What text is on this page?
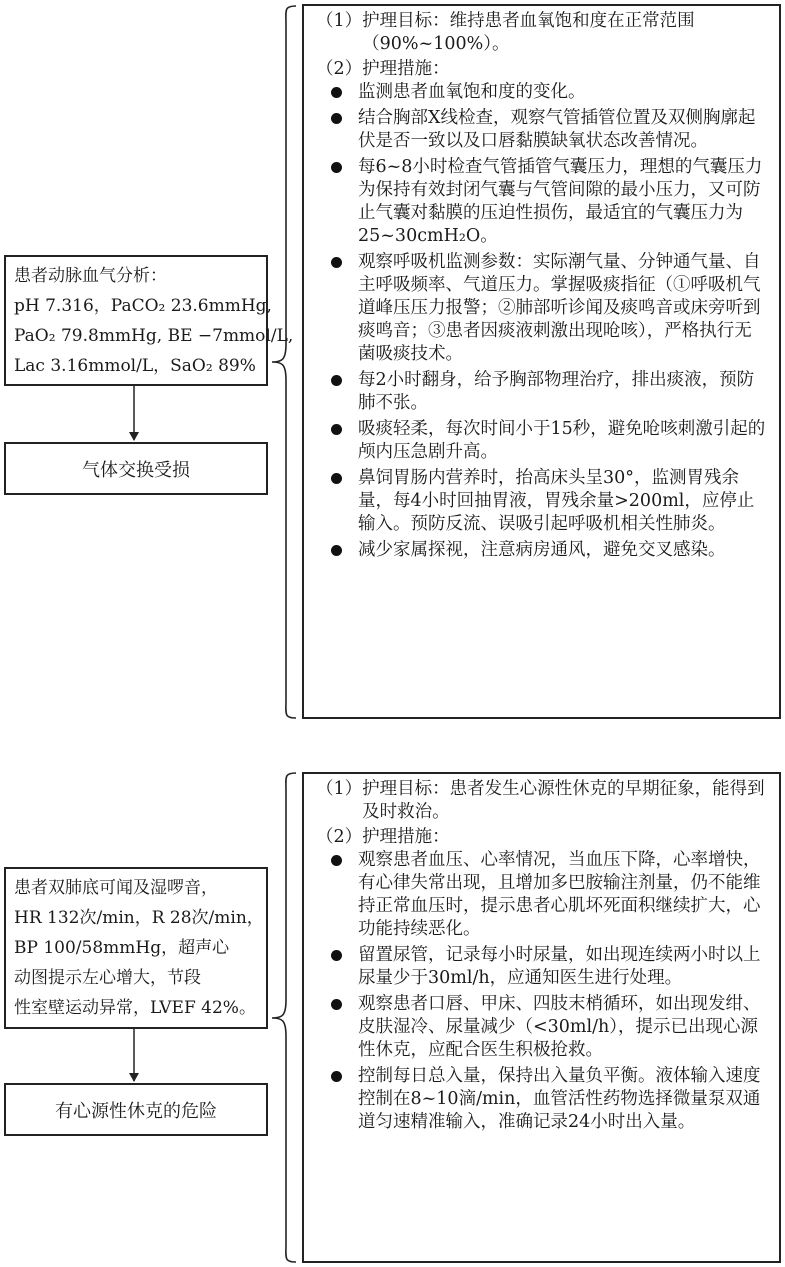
患者动脉血气分析：
pH 7.316，PaCO₂ 23.6mmHg,
PaO₂ 79.8mmHg, BE −7mmol/L,
Lac 3.16mmol/L，SaO₂ 89%
气体交换受损
（1） 护理目标：维持患者血氧饱和度在正常范围（90%~100%）。
（2）护理措施：
监测患者血氧饱和度的变化。
结合胸部X线检查，观察气管插管位置及双侧胸廓起伏是否一致以及口唇黏膜缺氧状态改善情况。
每6~8小时检查气管插管气囊压力，理想的气囊压力为保持有效封闭气囊与气管间隙的最小压力，又可防止气囊对黏膜的压迫性损伤，最适宜的气囊压力为25~30cmH₂O。
观察呼吸机监测参数：实际潮气量、分钟通气量、自主呼吸频率、气道压力。掌握吸痰指征（①呼吸机气道峰压压力报警；②肺部听诊闻及痰鸣音或床旁听到痰鸣音；③患者因痰液刺激出现呛咳），严格执行无菌吸痰技术。
每2小时翻身，给予胸部物理治疗，排出痰液，预防肺不张。
吸痰轻柔，每次时间小于15秒，避免呛咳刺激引起的颅内压急剧升高。
鼻饲胃肠内营养时，抬高床头呈30°，监测胃残余量，每4小时回抽胃液，胃残余量>200ml，应停止输入。预防反流、误吸引起呼吸机相关性肺炎。
减少家属探视，注意病房通风，避免交叉感染。
患者双肺底可闻及湿啰音，
HR 132次/min，R 28次/min，
BP 100/58mmHg，超声心
动图提示左心增大，节段
性室壁运动异常，LVEF 42%。
有心源性休克的危险
（1） 护理目标：患者发生心源性休克的早期征象，能得到及时救治。
（2）护理措施：
观察患者血压、心率情况，当血压下降，心率增快，有心律失常出现，且增加多巴胺输注剂量，仍不能维持正常血压时，提示患者心肌坏死面积继续扩大，心功能持续恶化。
留置尿管，记录每小时尿量，如出现连续两小时以上尿量少于30ml/h，应通知医生进行处理。
观察患者口唇、甲床、四肢末梢循环，如出现发绀、皮肤湿冷、尿量减少（<30ml/h），提示已出现心源性休克，应配合医生积极抢救。
控制每日总入量，保持出入量负平衡。液体输入速度控制在8~10滴/min，血管活性药物选择微量泵双通道匀速精准输入，准确记录24小时出入量。
